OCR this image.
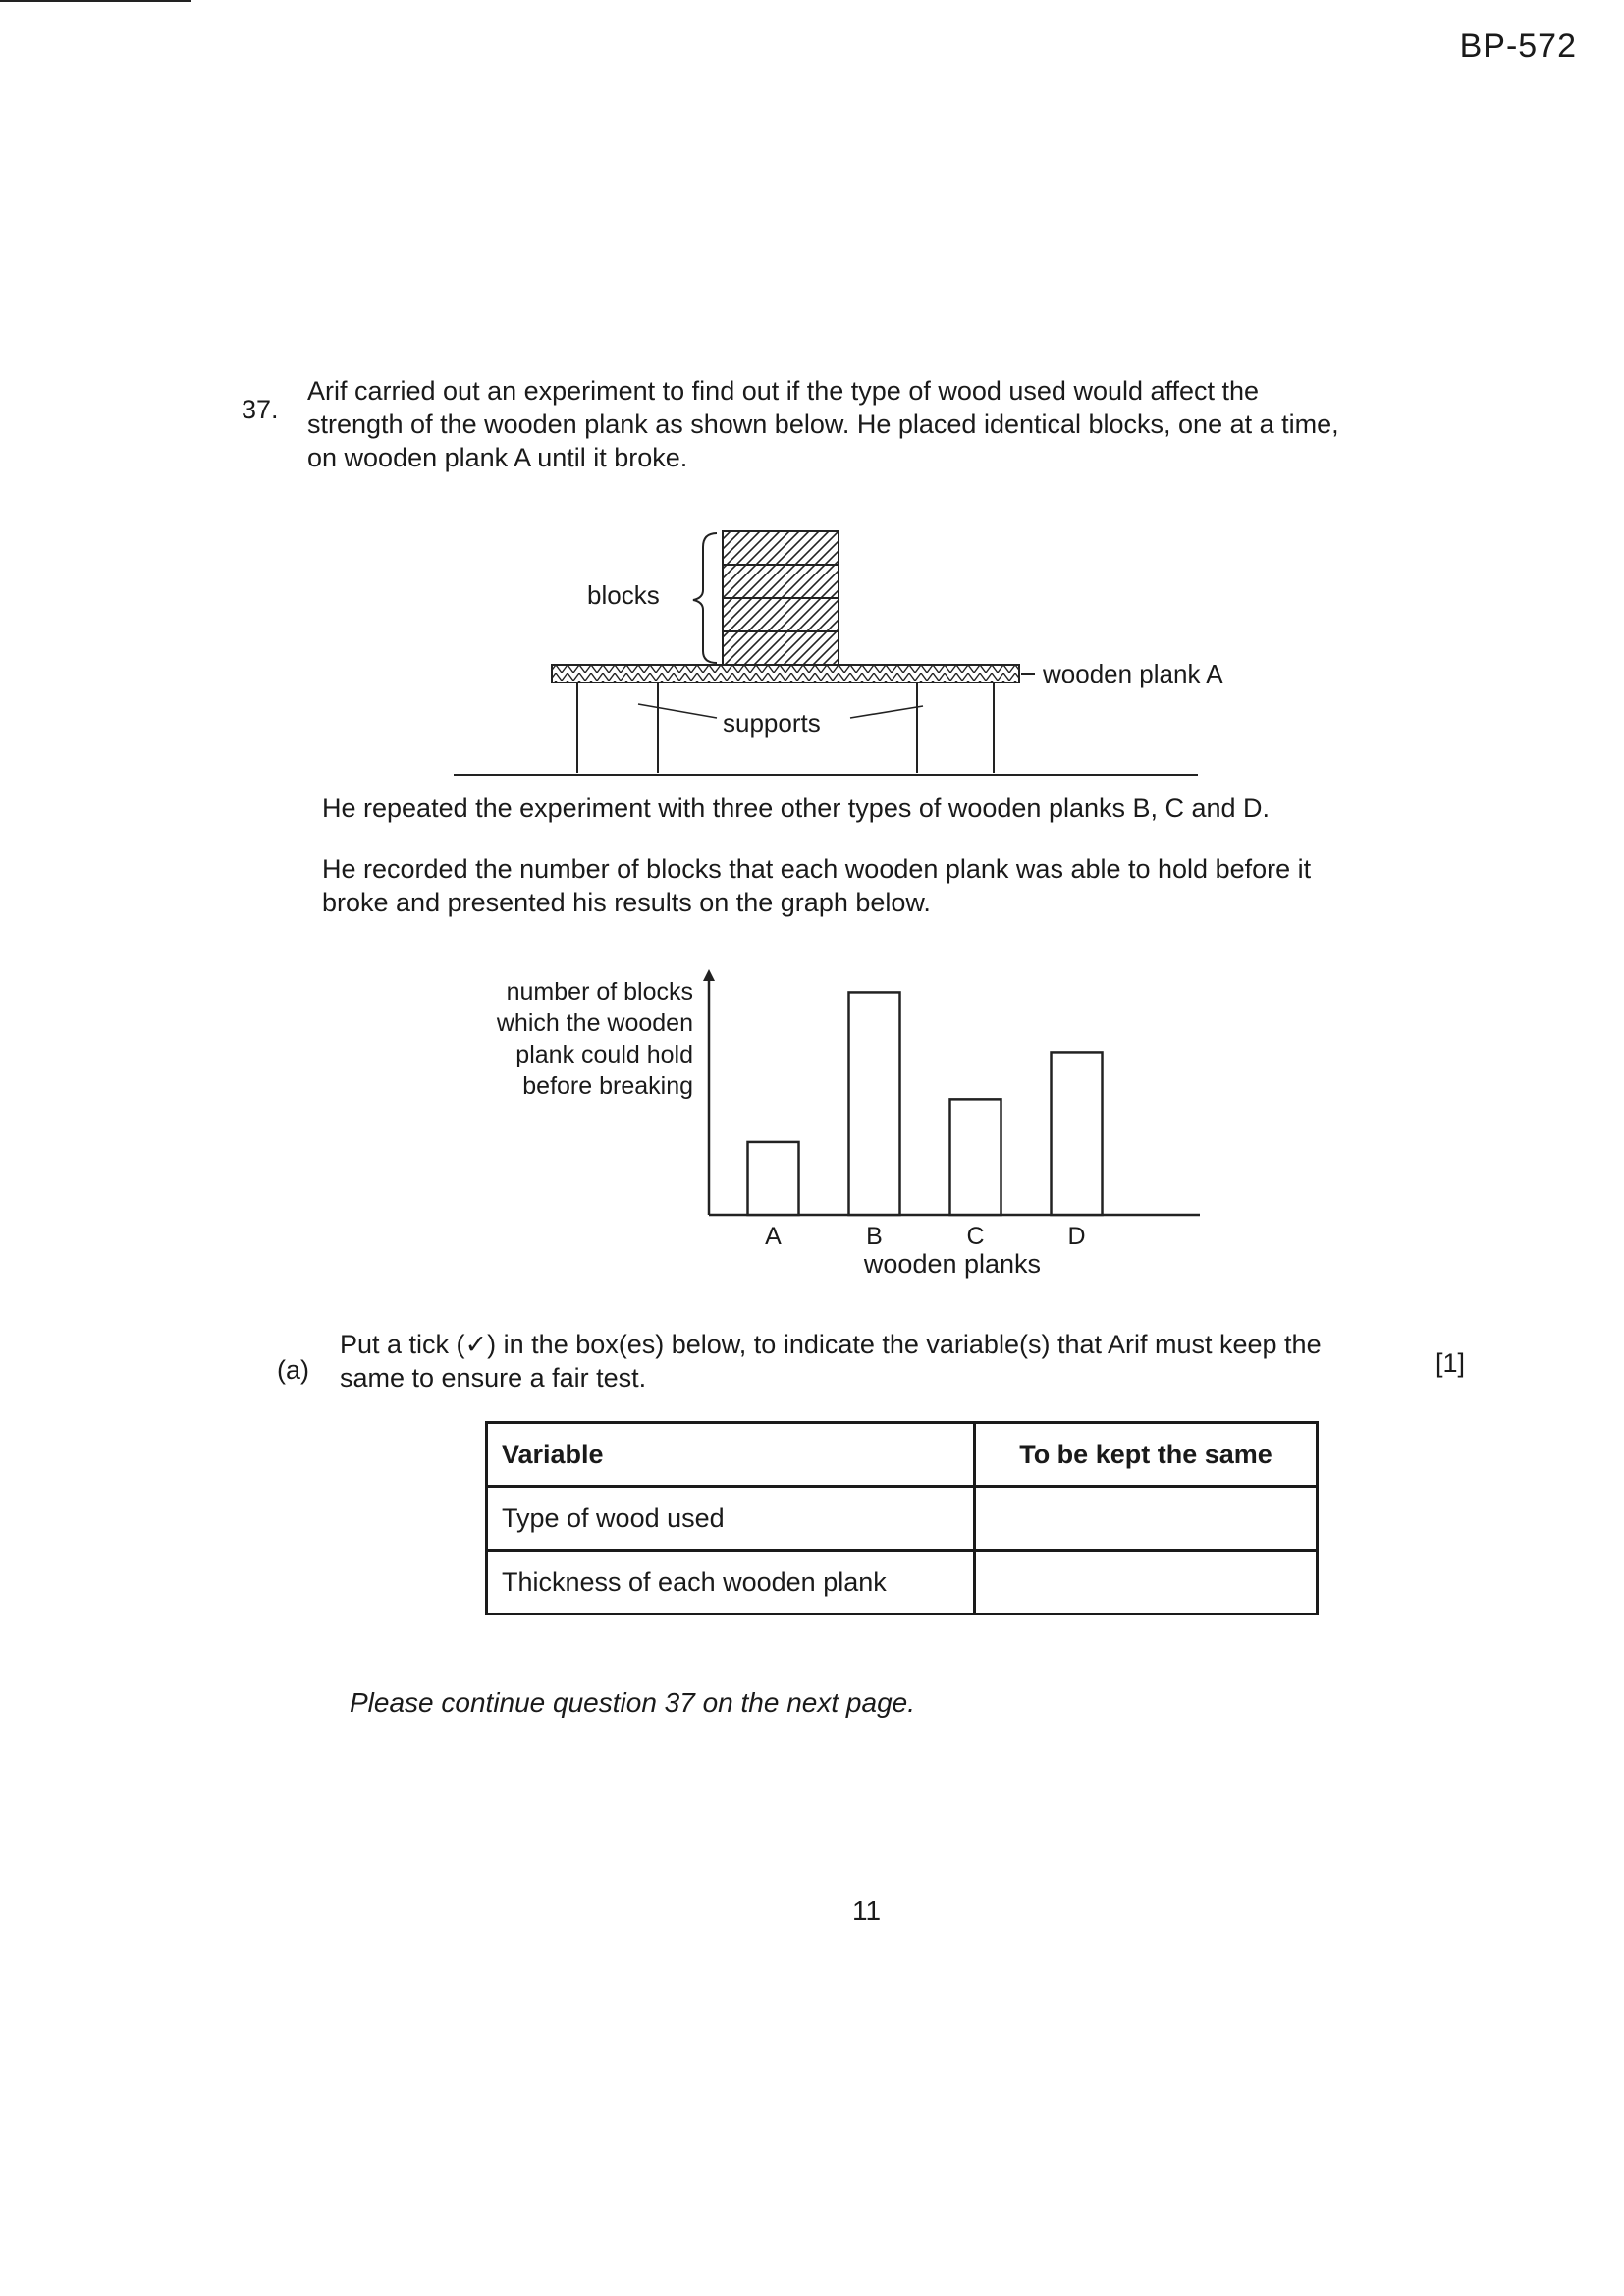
BP-572
37.
Arif carried out an experiment to find out if the type of wood used would affect the strength of the wooden plank as shown below. He placed identical blocks, one at a time, on wooden plank A until it broke.
blocks
wooden plank A
supports
He repeated the experiment with three other types of wooden planks B, C and D.
He recorded the number of blocks that each wooden plank was able to hold before it broke and presented his results on the graph below.
number of blocks
which the wooden
plank could hold
before breaking
A	B	C	D
wooden planks
(a)
Put a tick (✓) in the box(es) below, to indicate the variable(s) that Arif must keep the same to ensure a fair test.	[1]
Variable	To be kept the same
Type of wood used	
Thickness of each wooden plank	
Please continue question 37 on the next page.
11
